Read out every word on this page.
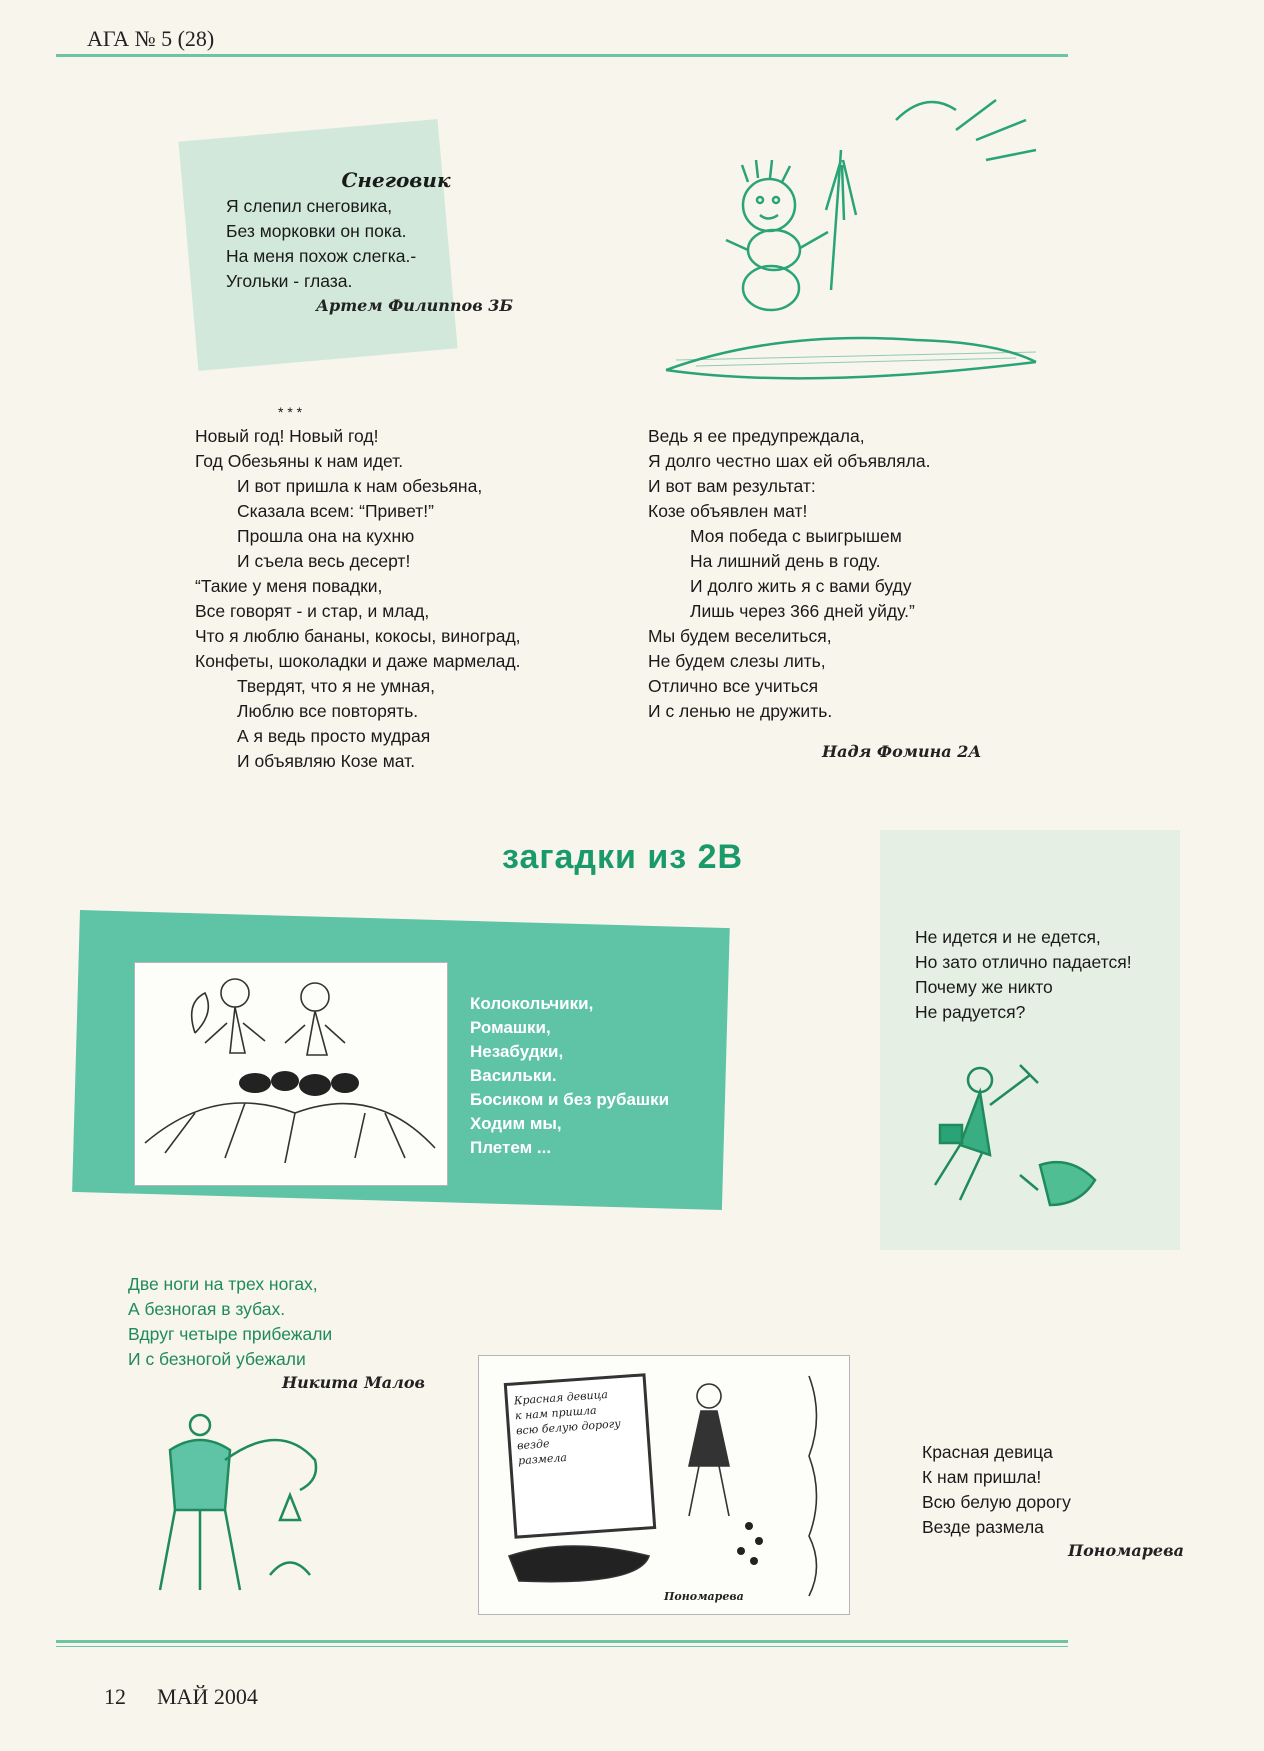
АГА № 5 (28)
Снеговик
Я слепил снеговика,
Без морковки он пока.
На меня похож слегка.-
Угольки - глаза.
Артем Филиппов 3Б
* * *
Новый год! Новый год!
Год Обезьяны к нам идет.
И вот пришла к нам обезьяна,
Сказала всем: “Привет!”
Прошла она на кухню
И съела весь десерт!
“Такие у меня повадки,
Все говорят - и стар, и млад,
Что я люблю бананы, кокосы, виноград,
Конфеты, шоколадки и даже мармелад.
Твердят, что я не умная,
Люблю все повторять.
А я ведь просто мудрая
И объявляю Козе мат.
Ведь я ее предупреждала,
Я долго честно шах ей объявляла.
И вот вам результат:
Козе объявлен мат!
Моя победа с выигрышем
На лишний день в году.
И долго жить я с вами буду
Лишь через 366 дней уйду.”
Мы будем веселиться,
Не будем слезы лить,
Отлично все учиться
И с ленью не дружить.
Надя Фомина 2А
загадки из 2В
Колокольчики,
Ромашки,
Незабудки,
Васильки.
Босиком и без рубашки
Ходим мы,
Плетем ...
Не идется и не едется,
Но зато отлично падается!
Почему же никто
Не радуется?
Две ноги на трех ногах,
А безногая в зубах.
Вдруг четыре прибежали
И с безногой убежали
Никита Малов
Красная девица
к нам пришла
всю белую дорогу
везде
размела
Пономарева
Красная девица
К нам пришла!
Всю белую дорогу
Везде размела
Пономарева
12 МАЙ 2004
